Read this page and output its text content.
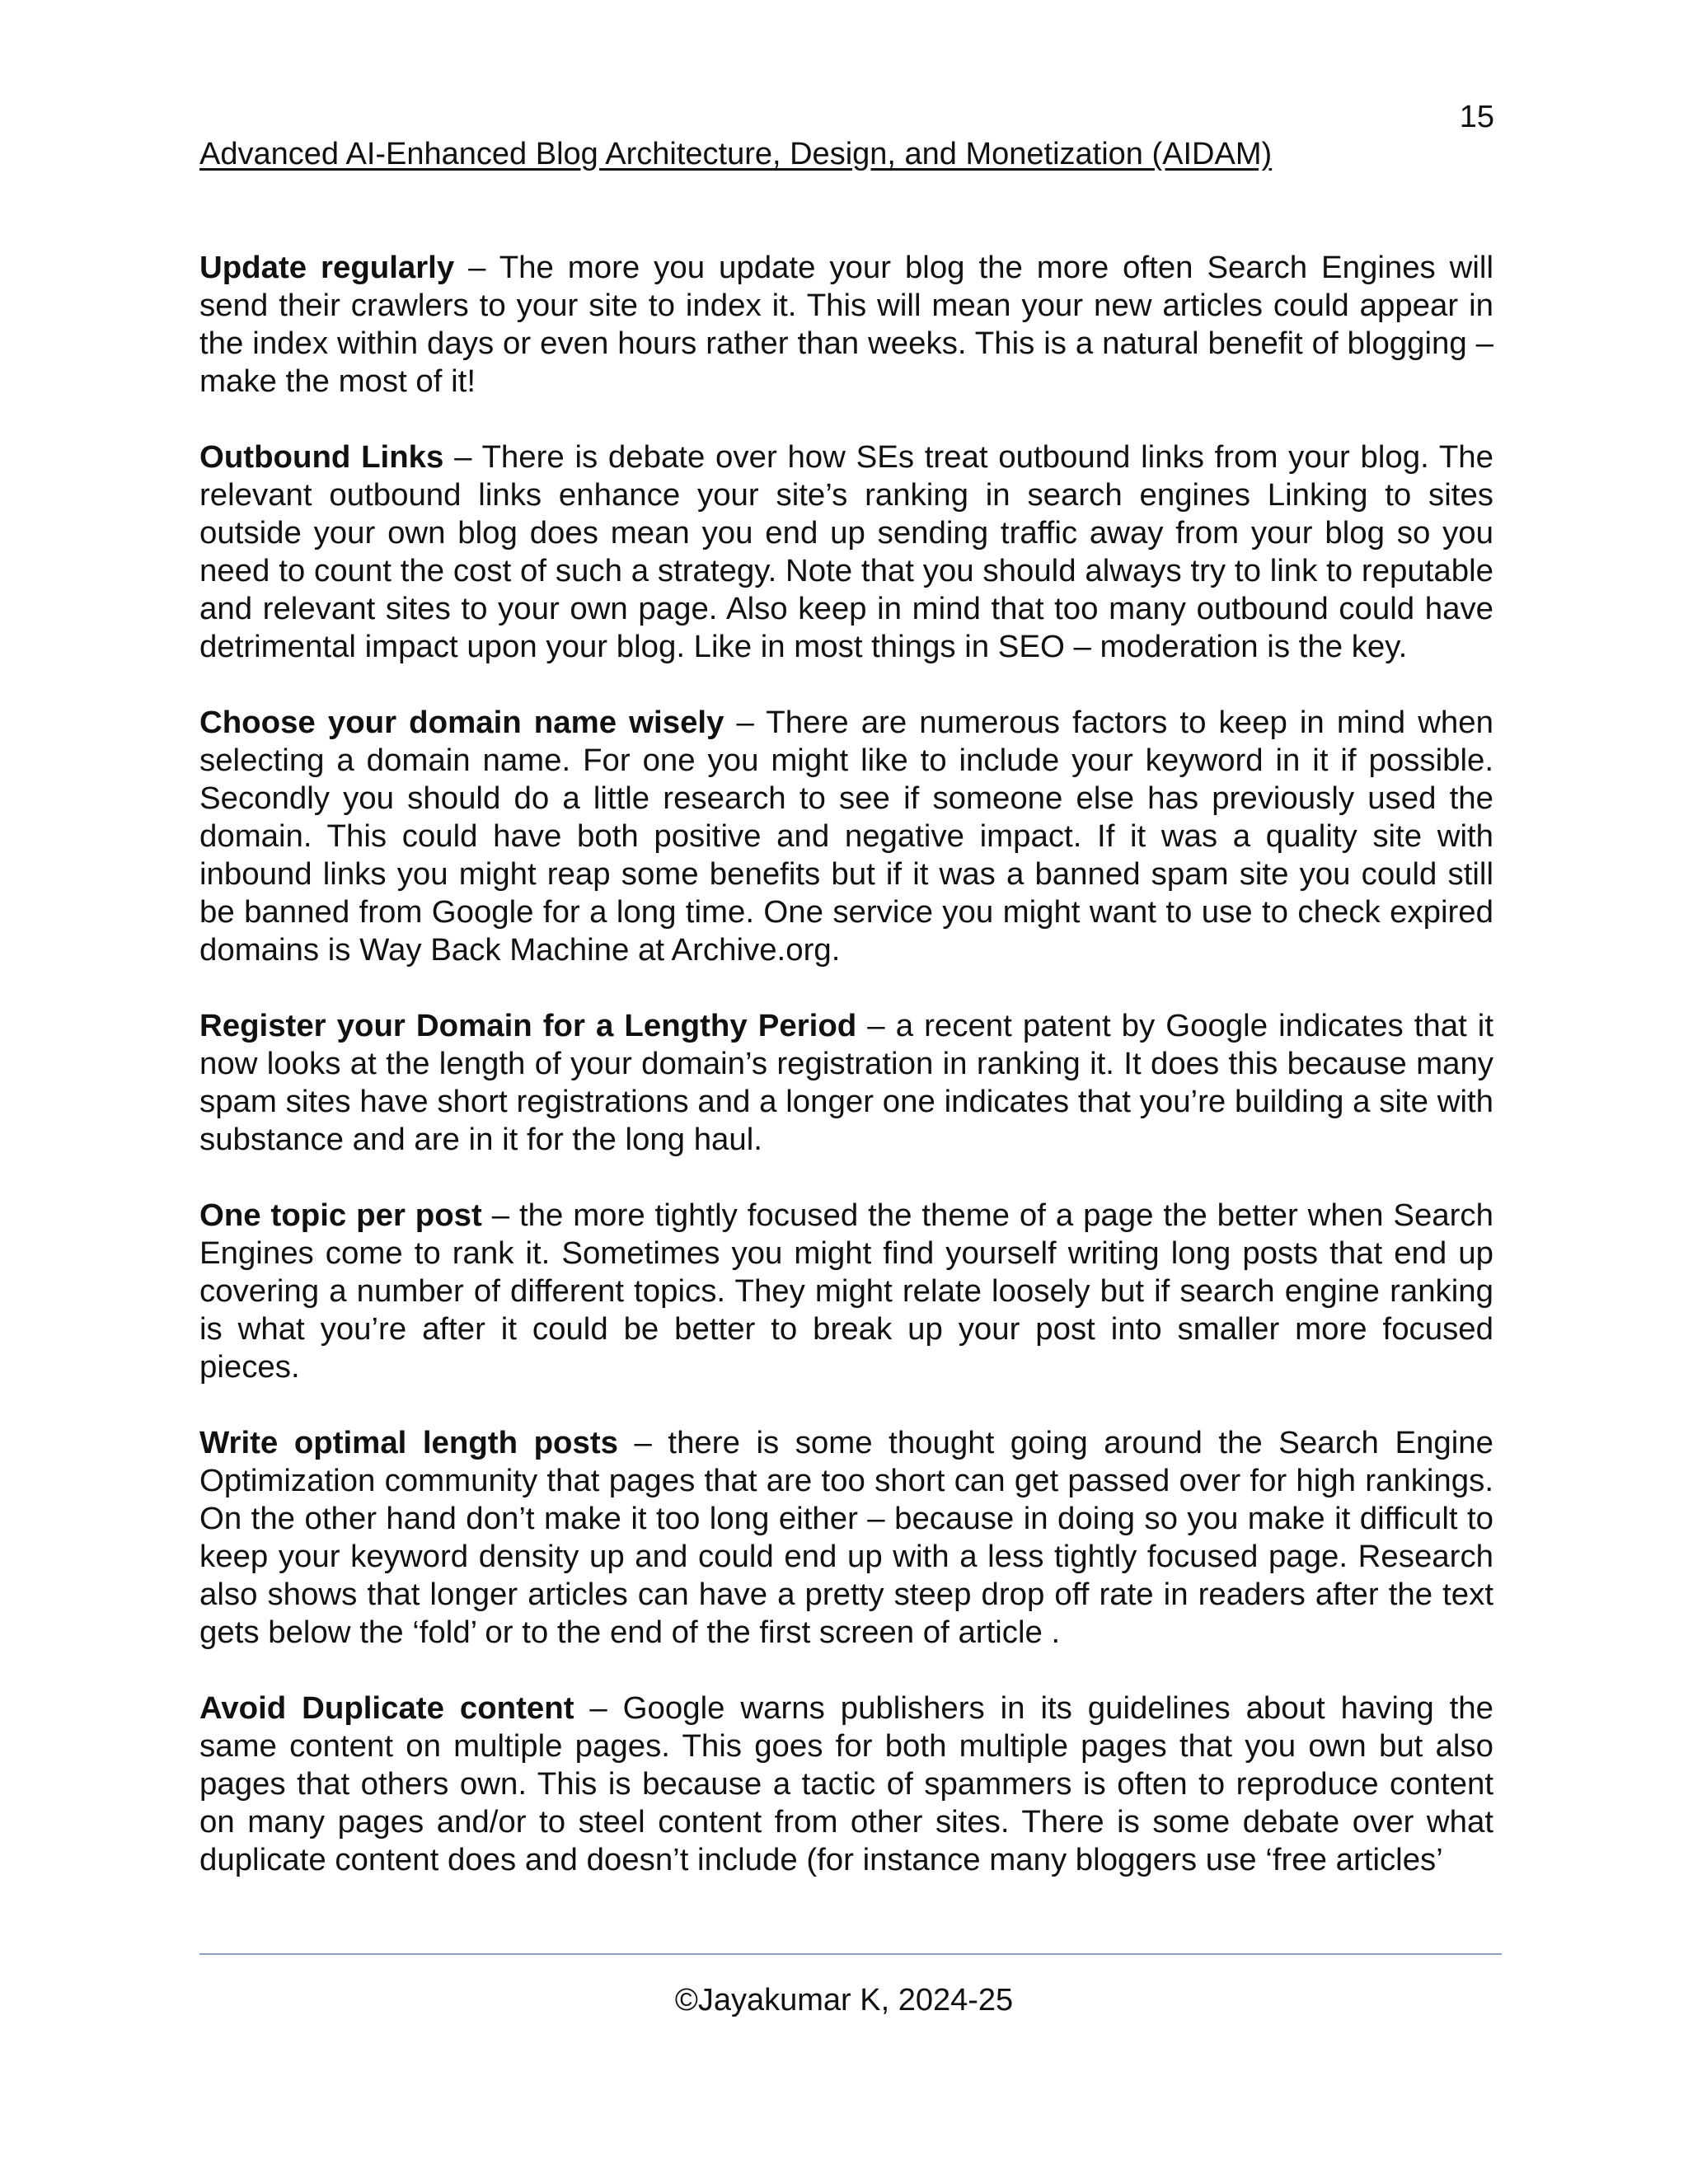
15
Advanced AI-Enhanced Blog Architecture, Design, and Monetization (AIDAM)

Update regularly – The more you update your blog the more often Search Engines will send their crawlers to your site to index it. This will mean your new articles could appear in the index within days or even hours rather than weeks. This is a natural benefit of blogging – make the most of it!

Outbound Links – There is debate over how SEs treat outbound links from your blog. The relevant outbound links enhance your site’s ranking in search engines Linking to sites outside your own blog does mean you end up sending traffic away from your blog so you need to count the cost of such a strategy. Note that you should always try to link to reputable and relevant sites to your own page. Also keep in mind that too many outbound could have detrimental impact upon your blog. Like in most things in SEO – moderation is the key.

Choose your domain name wisely – There are numerous factors to keep in mind when selecting a domain name. For one you might like to include your keyword in it if possible. Secondly you should do a little research to see if someone else has previously used the domain. This could have both positive and negative impact. If it was a quality site with inbound links you might reap some benefits but if it was a banned spam site you could still be banned from Google for a long time. One service you might want to use to check expired domains is Way Back Machine at Archive.org.

Register your Domain for a Lengthy Period – a recent patent by Google indicates that it now looks at the length of your domain’s registration in ranking it. It does this because many spam sites have short registrations and a longer one indicates that you’re building a site with substance and are in it for the long haul.

One topic per post – the more tightly focused the theme of a page the better when Search Engines come to rank it. Sometimes you might find yourself writing long posts that end up covering a number of different topics. They might relate loosely but if search engine ranking is what you’re after it could be better to break up your post into smaller more focused pieces.

Write optimal length posts – there is some thought going around the Search Engine Optimization community that pages that are too short can get passed over for high rankings. On the other hand don’t make it too long either – because in doing so you make it difficult to keep your keyword density up and could end up with a less tightly focused page. Research also shows that longer articles can have a pretty steep drop off rate in readers after the text gets below the ‘fold’ or to the end of the first screen of article .

Avoid Duplicate content – Google warns publishers in its guidelines about having the same content on multiple pages. This goes for both multiple pages that you own but also pages that others own. This is because a tactic of spammers is often to reproduce content on many pages and/or to steel content from other sites. There is some debate over what duplicate content does and doesn’t include (for instance many bloggers use ‘free articles’

©Jayakumar K, 2024-25
